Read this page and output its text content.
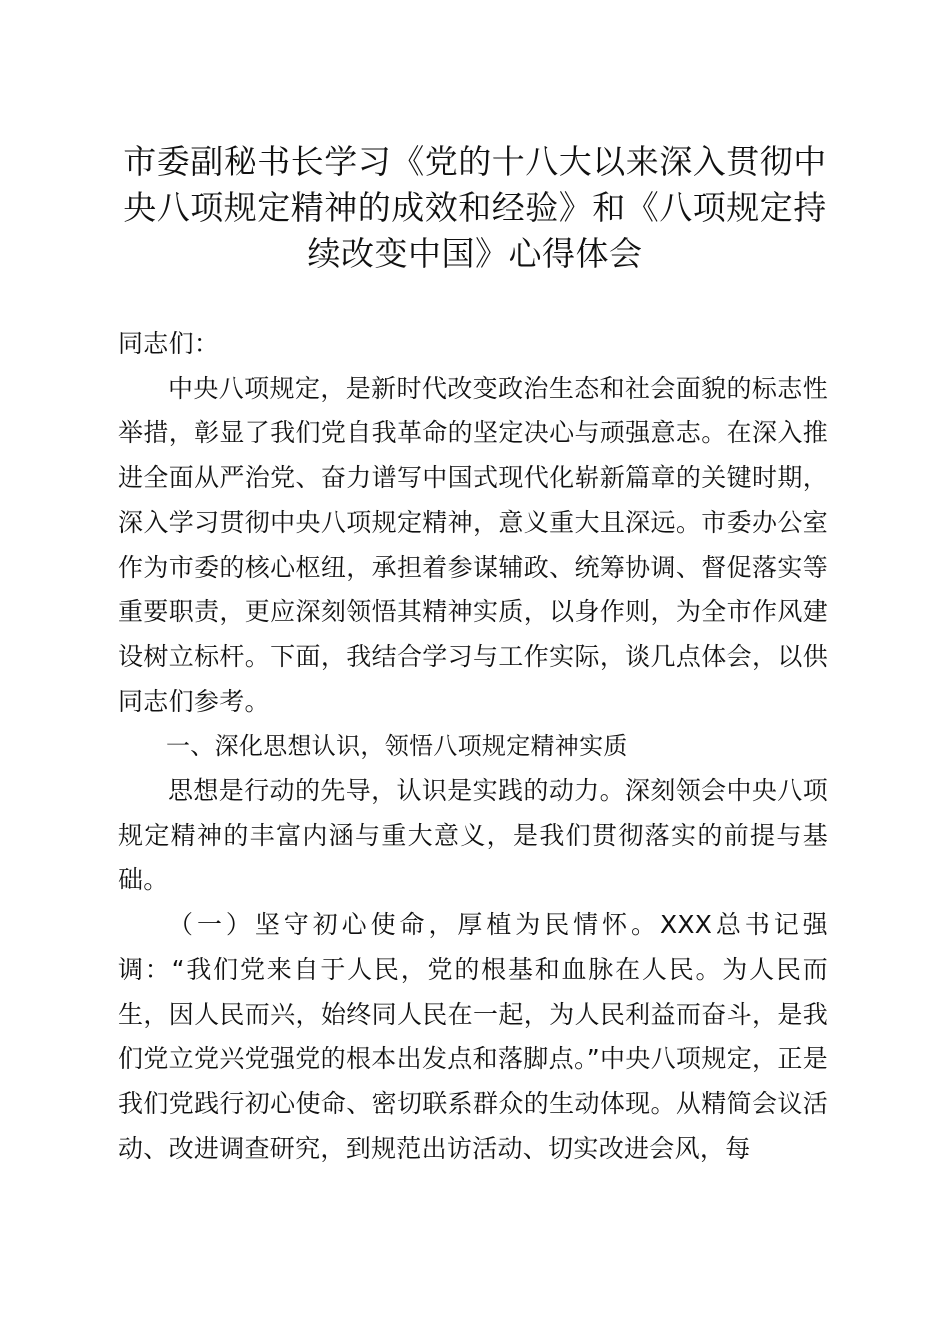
市委副秘书长学习《党的十八大以来深入贯彻中央八项规定精神的成效和经验》和《八项规定持续改变中国》心得体会

同志们：

中央八项规定，是新时代改变政治生态和社会面貌的标志性举措，彰显了我们党自我革命的坚定决心与顽强意志。在深入推进全面从严治党、奋力谱写中国式现代化崭新篇章的关键时期，深入学习贯彻中央八项规定精神，意义重大且深远。市委办公室作为市委的核心枢纽，承担着参谋辅政、统筹协调、督促落实等重要职责，更应深刻领悟其精神实质，以身作则，为全市作风建设树立标杆。下面，我结合学习与工作实际，谈几点体会，以供同志们参考。

一、深化思想认识，领悟八项规定精神实质

思想是行动的先导，认识是实践的动力。深刻领会中央八项规定精神的丰富内涵与重大意义，是我们贯彻落实的前提与基础。

（一）坚守初心使命，厚植为民情怀。XXX总书记强调：“我们党来自于人民，党的根基和血脉在人民。为人民而生，因人民而兴，始终同人民在一起，为人民利益而奋斗，是我们党立党兴党强党的根本出发点和落脚点。”中央八项规定，正是我们党践行初心使命、密切联系群众的生动体现。从精简会议活动、改进调查研究，到规范出访活动、切实改进会风，每
